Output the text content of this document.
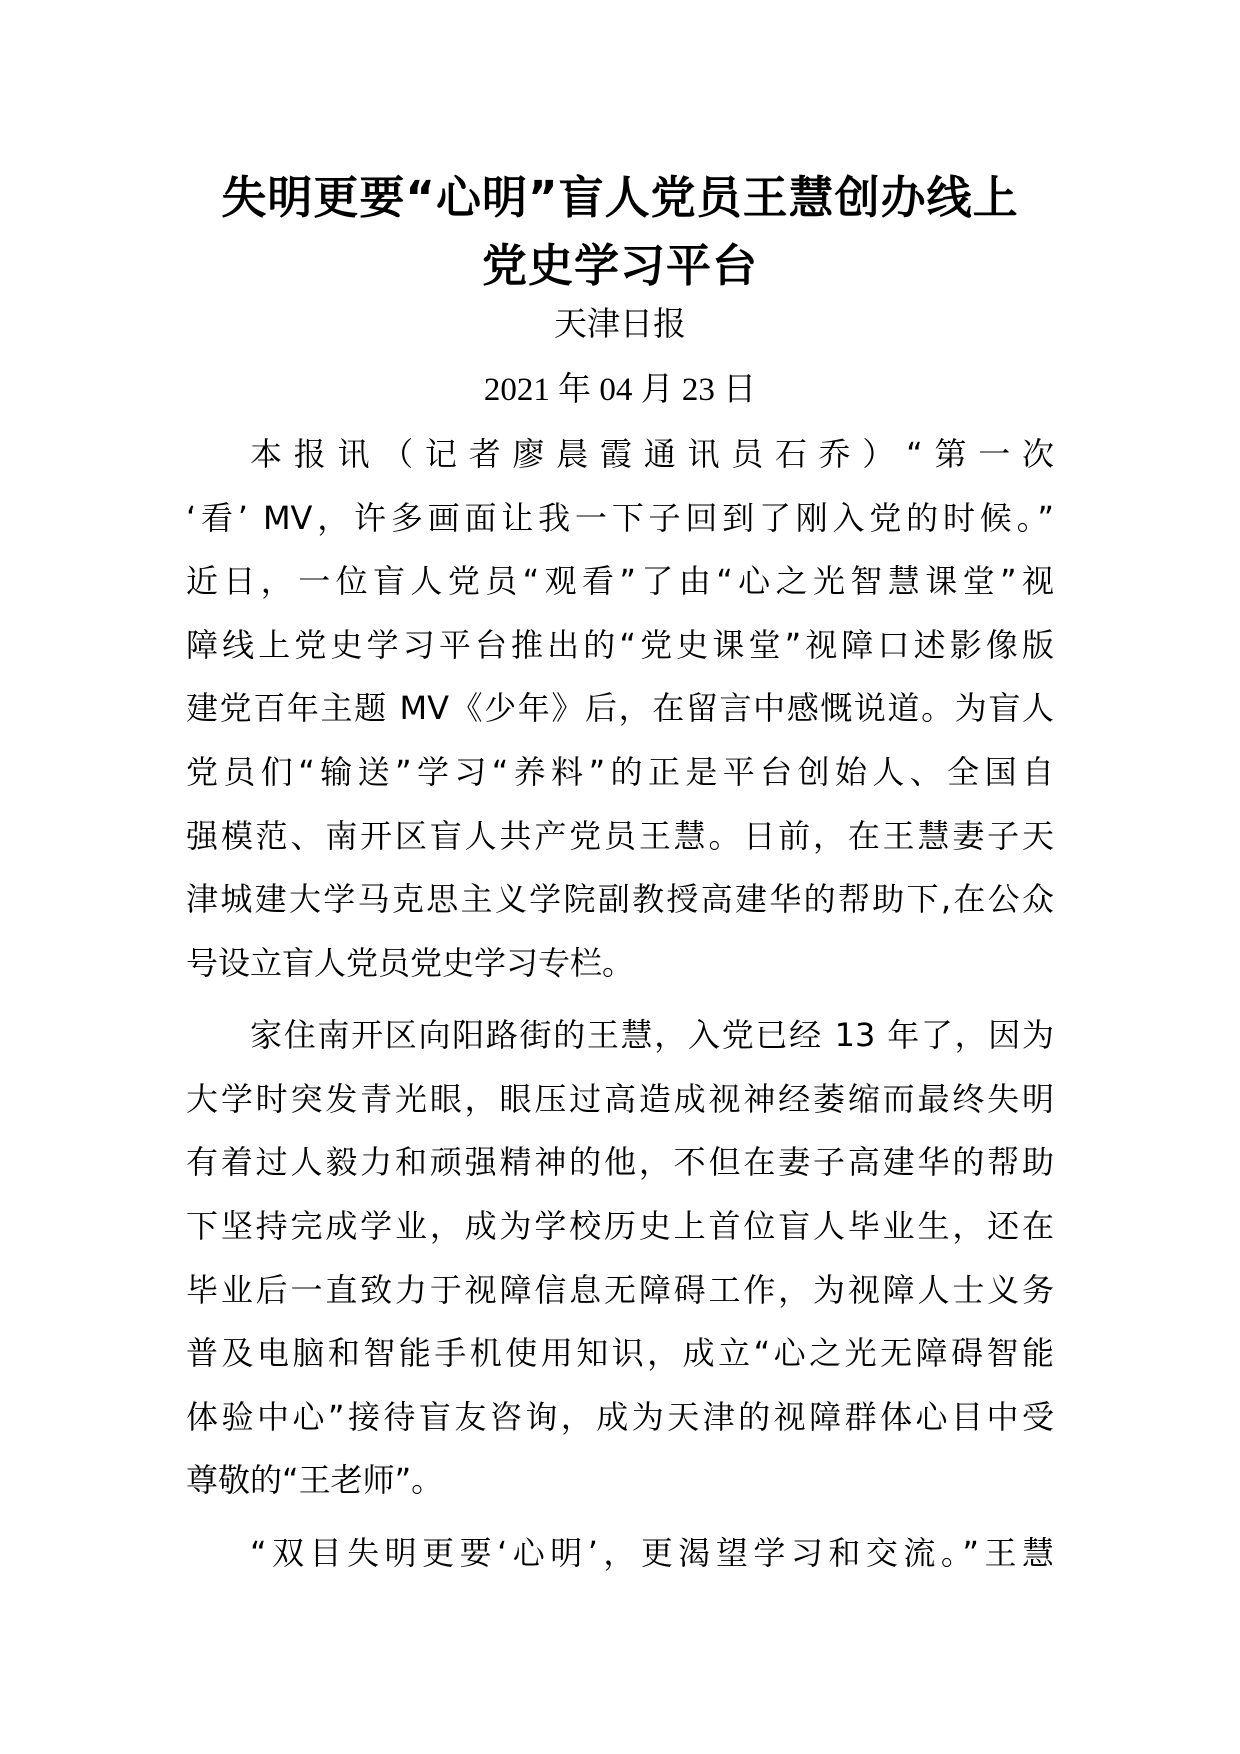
失明更要“心明”盲人党员王慧创办线上
党史学习平台
天津日报
2021 年 04 月 23 日
本报讯（记者廖晨霞通讯员石乔）“第一次
‘看’ MV，许多画面让我一下子回到了刚入党的时候。”
近日，一位盲人党员“观看”了由“心之光智慧课堂”视
障线上党史学习平台推出的“党史课堂”视障口述影像版
建党百年主题 MV《少年》后，在留言中感慨说道。为盲人
党员们“输送”学习“养料”的正是平台创始人、全国自
强模范、南开区盲人共产党员王慧。日前，在王慧妻子天
津城建大学马克思主义学院副教授高建华的帮助下,在公众
号设立盲人党员党史学习专栏。
家住南开区向阳路街的王慧，入党已经 13 年了，因为
大学时突发青光眼，眼压过高造成视神经萎缩而最终失明
有着过人毅力和顽强精神的他，不但在妻子高建华的帮助
下坚持完成学业，成为学校历史上首位盲人毕业生，还在
毕业后一直致力于视障信息无障碍工作，为视障人士义务
普及电脑和智能手机使用知识，成立“心之光无障碍智能
体验中心”接待盲友咨询，成为天津的视障群体心目中受
尊敬的“王老师”。
“双目失明更要‘心明’，更渴望学习和交流。”王慧
